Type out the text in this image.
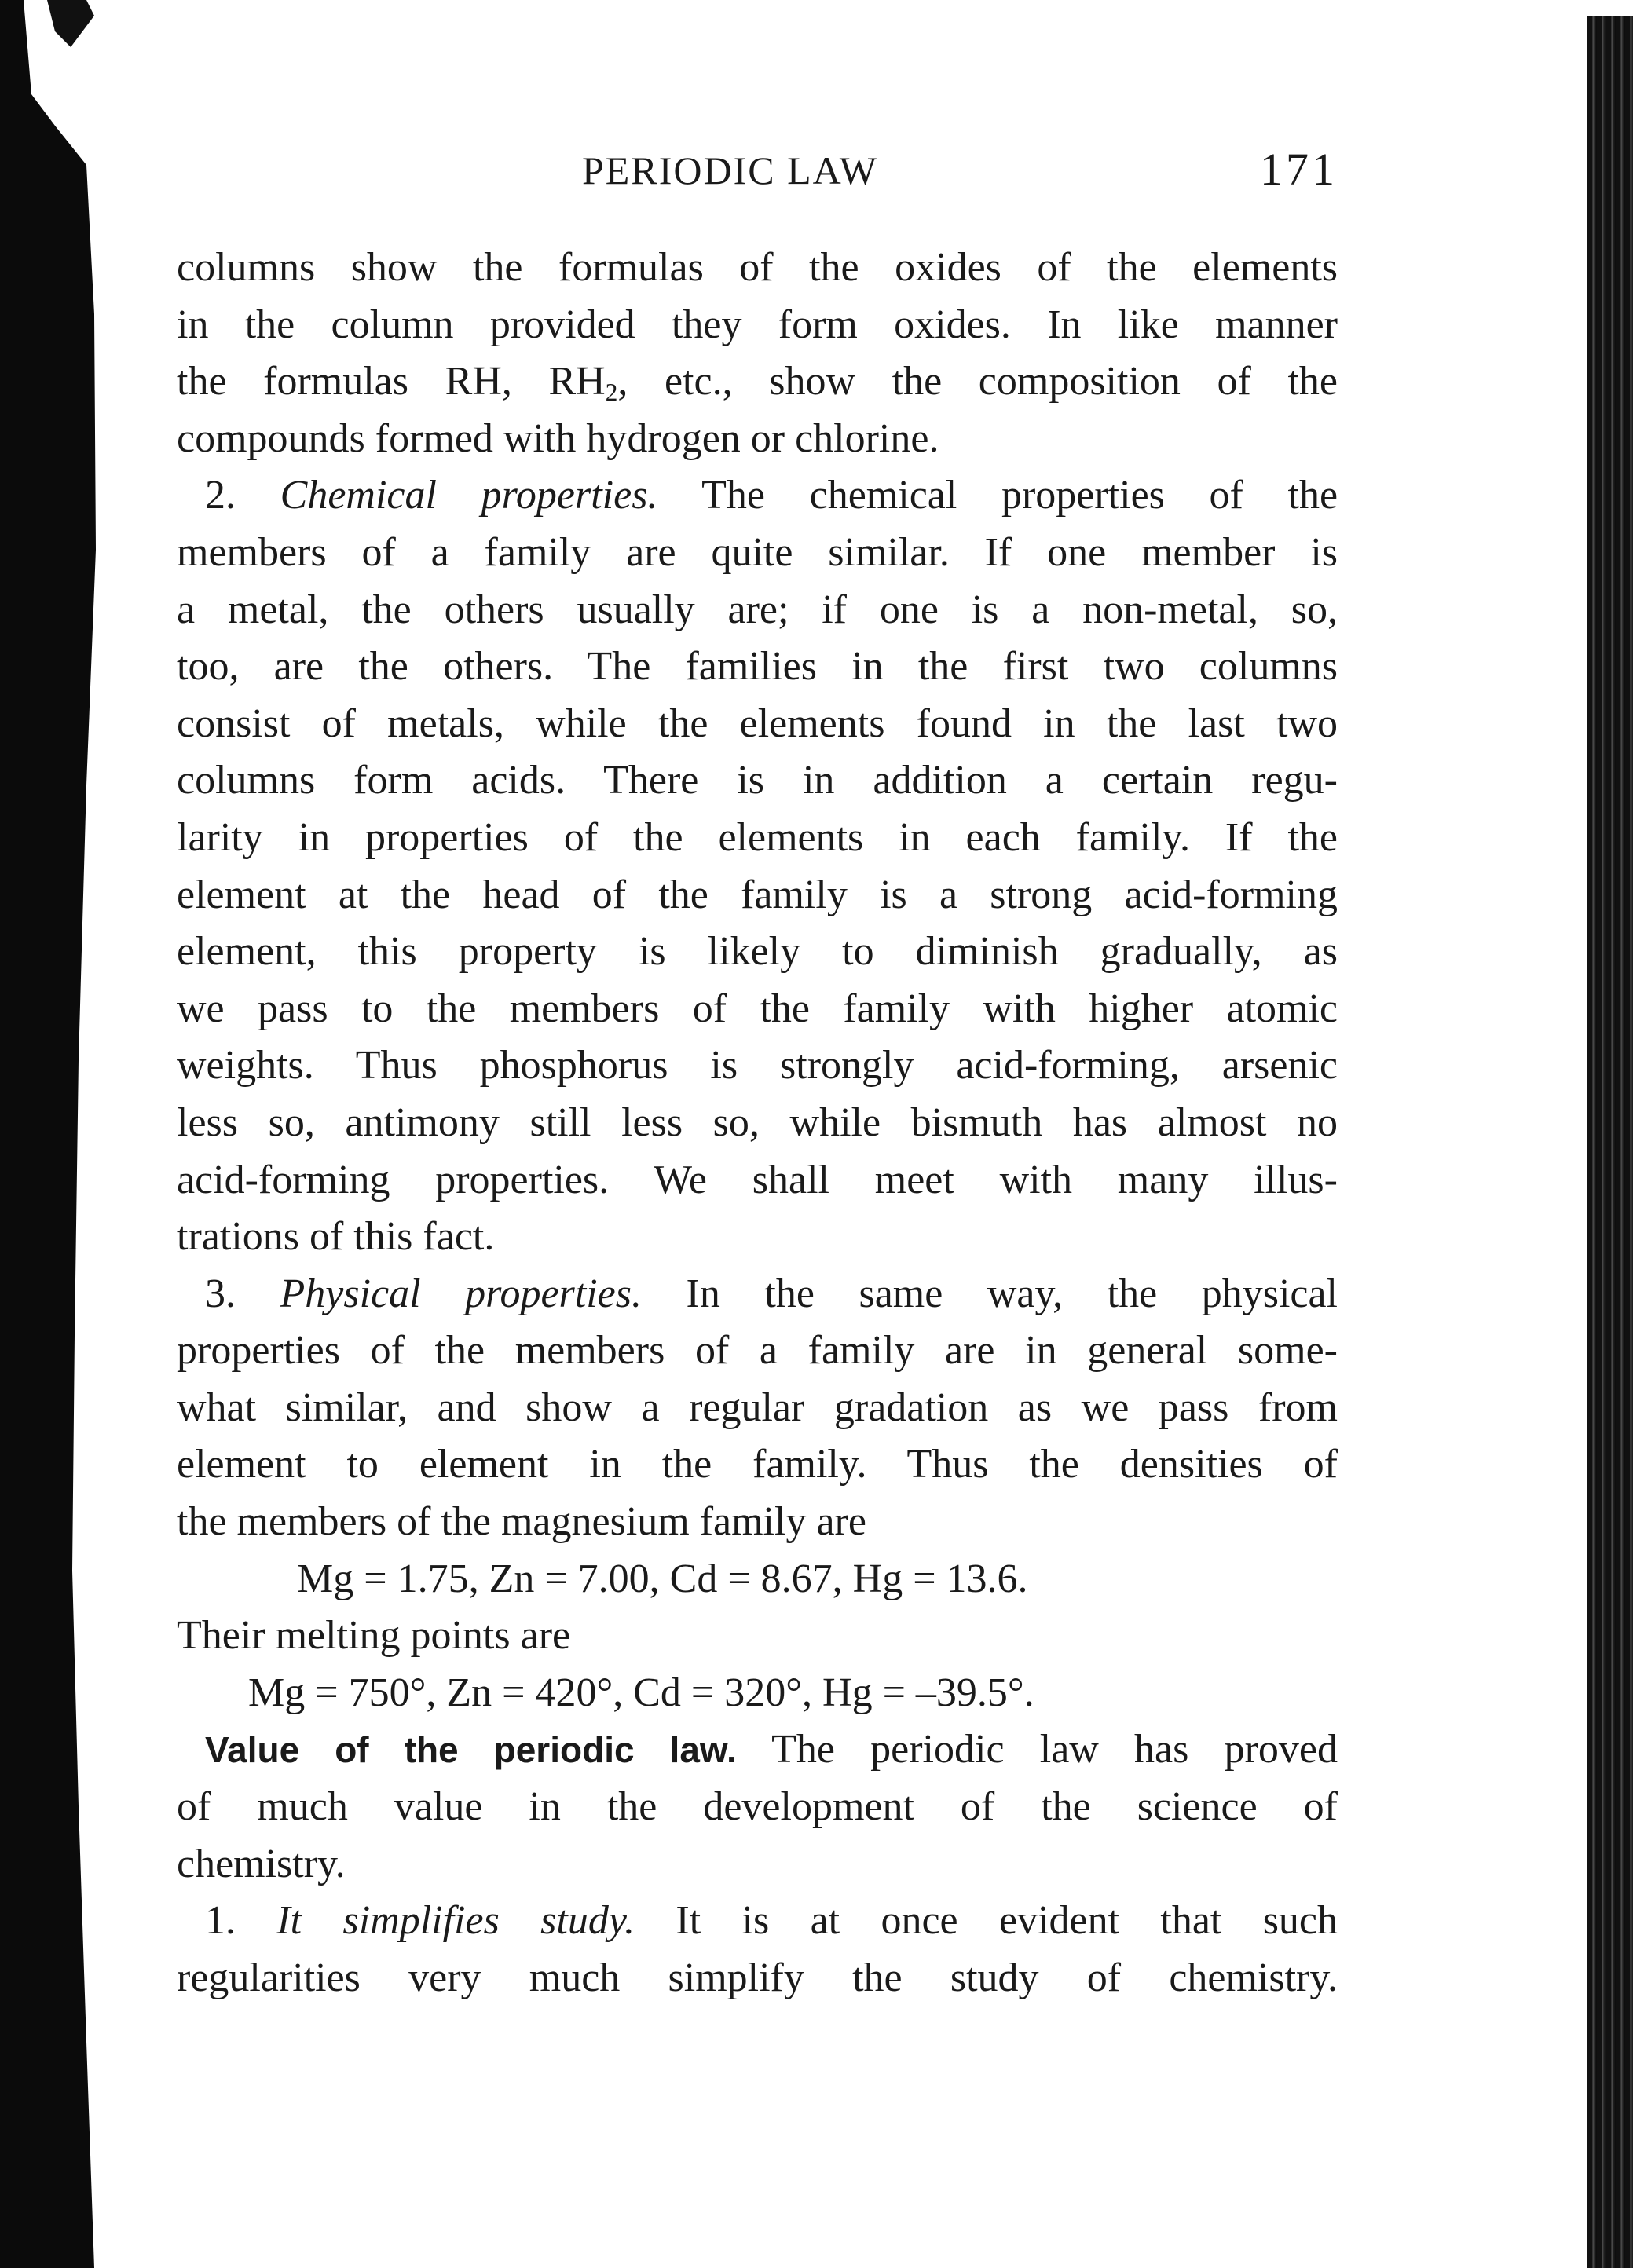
PERIODIC LAW	171
columns show the formulas of the oxides of the elements
in the column provided they form oxides. In like manner
the formulas RH, $RH_2$, etc., show the composition of the
compounds formed with hydrogen or chlorine.
2. Chemical properties. The chemical properties of the
members of a family are quite similar. If one member is
a metal, the others usually are; if one is a non-metal, so,
too, are the others. The families in the first two columns
consist of metals, while the elements found in the last two
columns form acids. There is in addition a certain regu-
larity in properties of the elements in each family. If the
element at the head of the family is a strong acid-forming
element, this property is likely to diminish gradually, as
we pass to the members of the family with higher atomic
weights. Thus phosphorus is strongly acid-forming, arsenic
less so, antimony still less so, while bismuth has almost no
acid-forming properties. We shall meet with many illus-
trations of this fact.
3. Physical properties. In the same way, the physical
properties of the members of a family are in general some-
what similar, and show a regular gradation as we pass from
element to element in the family. Thus the densities of
the members of the magnesium family are
Mg = 1.75, Zn = 7.00, Cd = 8.67, Hg = 13.6.
Their melting points are
Mg = 750°, Zn = 420°, Cd = 320°, Hg = –39.5°.
Value of the periodic law. The periodic law has proved
of much value in the development of the science of
chemistry.
1. It simplifies study. It is at once evident that such
regularities very much simplify the study of chemistry.
